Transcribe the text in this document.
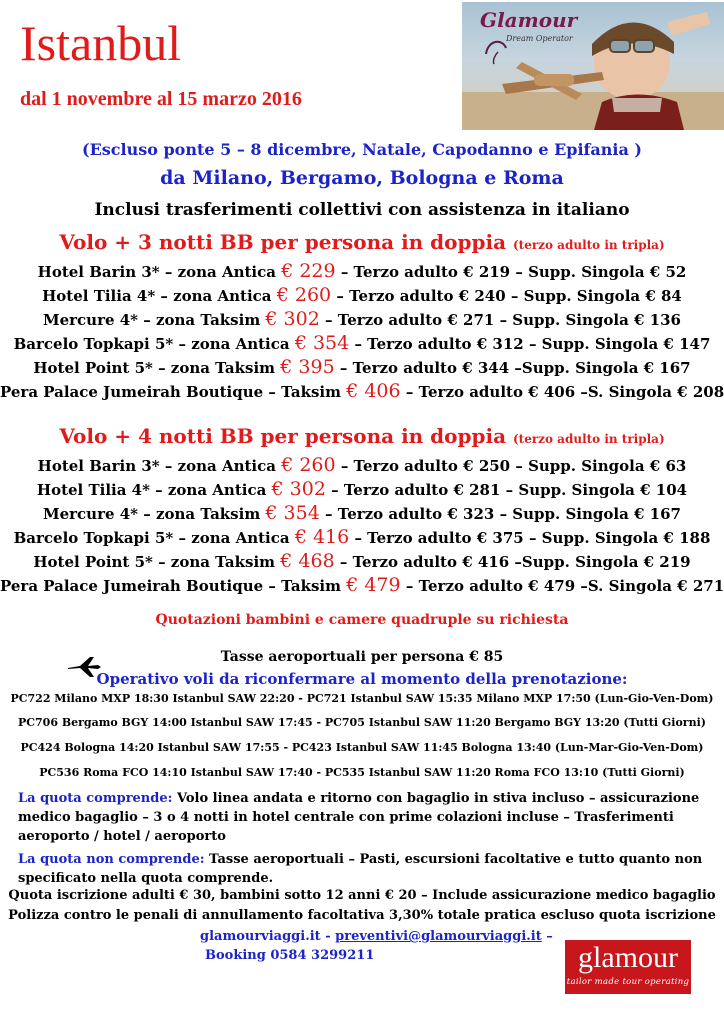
Istanbul
dal 1 novembre al 15 marzo 2016
Glamour
Dream Operator
(Escluso ponte 5 – 8 dicembre, Natale, Capodanno e Epifania )
da Milano, Bergamo, Bologna e Roma
Inclusi trasferimenti collettivi con assistenza in italiano
Volo + 3 notti BB per persona in doppia (terzo adulto in tripla)
Hotel Barin 3* – zona Antica € 229 – Terzo adulto € 219 – Supp. Singola € 52
Hotel Tilia 4* – zona Antica € 260 – Terzo adulto € 240 – Supp. Singola € 84
Mercure 4* – zona Taksim € 302 – Terzo adulto € 271 – Supp. Singola € 136
Barcelo Topkapi 5* – zona Antica € 354 – Terzo adulto € 312 – Supp. Singola € 147
Hotel Point 5* – zona Taksim € 395 – Terzo adulto € 344 –Supp. Singola € 167
Pera Palace Jumeirah Boutique – Taksim € 406 – Terzo adulto € 406 –S. Singola € 208
Volo + 4 notti BB per persona in doppia (terzo adulto in tripla)
Hotel Barin 3* – zona Antica € 260 – Terzo adulto € 250 – Supp. Singola € 63
Hotel Tilia 4* – zona Antica € 302 – Terzo adulto € 281 – Supp. Singola € 104
Mercure 4* – zona Taksim € 354 – Terzo adulto € 323 – Supp. Singola € 167
Barcelo Topkapi 5* – zona Antica € 416 – Terzo adulto € 375 – Supp. Singola € 188
Hotel Point 5* – zona Taksim € 468 – Terzo adulto € 416 –Supp. Singola € 219
Pera Palace Jumeirah Boutique – Taksim € 479 – Terzo adulto € 479 –S. Singola € 271
Quotazioni bambini e camere quadruple su richiesta
Tasse aeroportuali per persona € 85
Operativo voli da riconfermare al momento della prenotazione:
PC722 Milano MXP 18:30 Istanbul SAW 22:20 - PC721 Istanbul SAW 15:35 Milano MXP 17:50 (Lun-Gio-Ven-Dom)
PC706 Bergamo BGY 14:00 Istanbul SAW 17:45 - PC705 Istanbul SAW 11:20 Bergamo BGY 13:20 (Tutti Giorni)
PC424 Bologna 14:20 Istanbul SAW 17:55 - PC423 Istanbul SAW 11:45 Bologna 13:40 (Lun-Mar-Gio-Ven-Dom)
PC536 Roma FCO 14:10 Istanbul SAW 17:40 - PC535 Istanbul SAW 11:20 Roma FCO 13:10 (Tutti Giorni)
La quota comprende: Volo linea andata e ritorno con bagaglio in stiva incluso – assicurazione medico bagaglio – 3 o 4 notti in hotel centrale con prime colazioni incluse – Trasferimenti aeroporto / hotel / aeroporto
La quota non comprende: Tasse aeroportuali – Pasti, escursioni facoltative e tutto quanto non specificato nella quota comprende.
Quota iscrizione adulti € 30, bambini sotto 12 anni € 20 – Include assicurazione medico bagaglio
Polizza contro le penali di annullamento facoltativa 3,30% totale pratica escluso quota iscrizione
glamourviaggi.it - preventivi@glamourviaggi.it –
Booking 0584 3299211	glamour
tailor made tour operating
